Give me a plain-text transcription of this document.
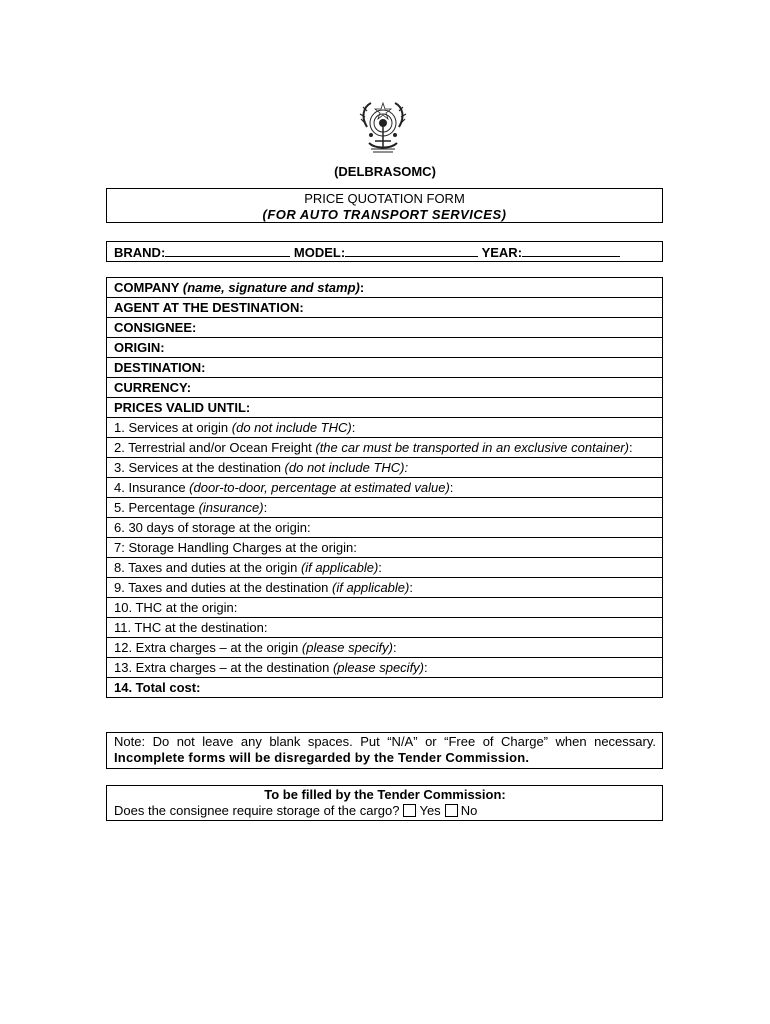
(DELBRASOMC)
PRICE QUOTATION FORM
(FOR AUTO TRANSPORT SERVICES)
BRAND:	MODEL:	YEAR:
COMPANY (name, signature and stamp):
AGENT AT THE DESTINATION:
CONSIGNEE:
ORIGIN:
DESTINATION:
CURRENCY:
PRICES VALID UNTIL:
1. Services at origin (do not include THC):
2. Terrestrial and/or Ocean Freight (the car must be transported in an exclusive container):
3. Services at the destination (do not include THC):
4. Insurance (door-to-door, percentage at estimated value):
5. Percentage (insurance):
6. 30 days of storage at the origin:
7: Storage Handling Charges at the origin:
8. Taxes and duties at the origin (if applicable):
9. Taxes and duties at the destination (if applicable):
10. THC at the origin:
11. THC at the destination:
12. Extra charges – at the origin (please specify):
13. Extra charges – at the destination (please specify):
14. Total cost:
Note: Do not leave any blank spaces. Put “N/A” or “Free of Charge” when necessary. Incomplete forms will be disregarded by the Tender Commission.
To be filled by the Tender Commission:
Does the consignee require storage of the cargo? Yes No
